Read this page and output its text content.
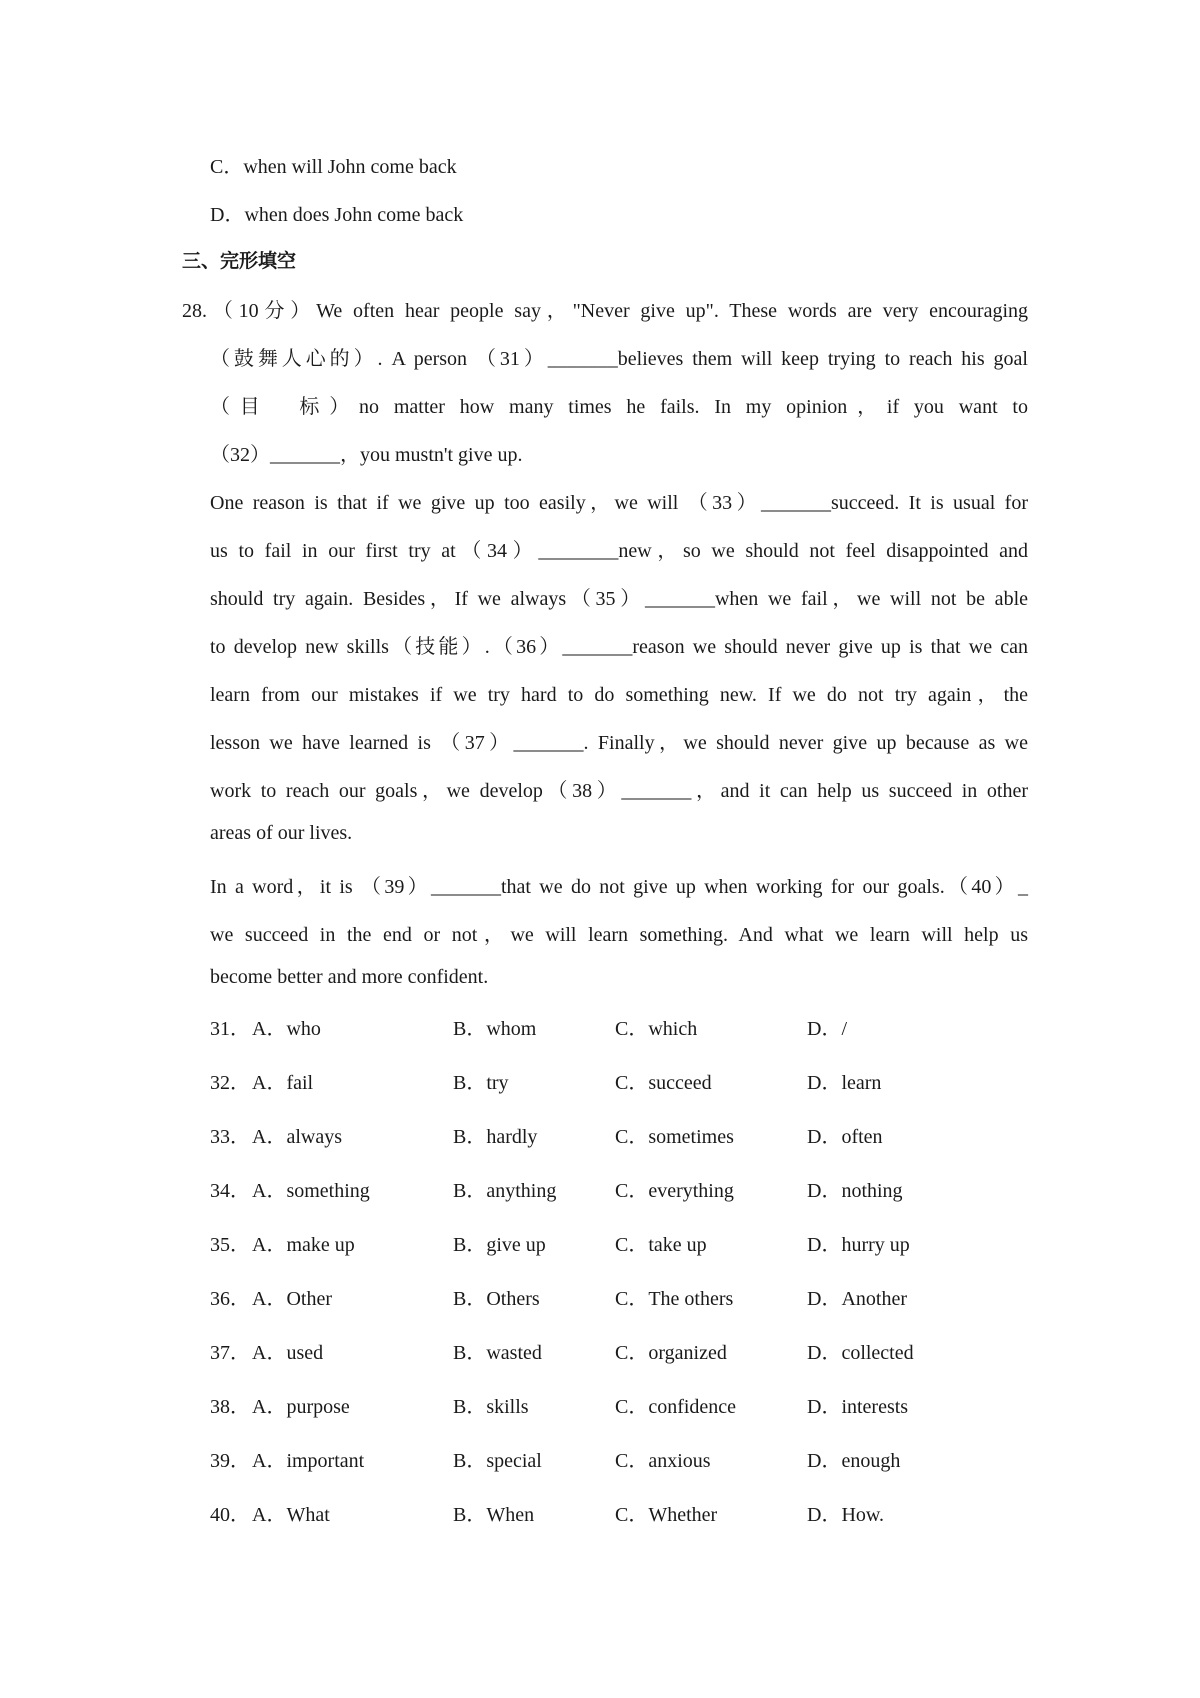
C．when will John come back
D．when does John come back
三、完形填空
28.（10分）We often hear people say，"Never give up". These words are very encouraging
（鼓舞人心的）. A person （31）_______believes them will keep trying to reach his goal
（目　标）no matter how many times he fails. In my opinion，if you want to
（32）_______，you mustn't give up.
One reason is that if we give up too easily，we will （33）_______succeed. It is usual for
us to fail in our first try at（34）________new，so we should not feel disappointed and
should try again. Besides，If we always（35）_______when we fail，we will not be able
to develop new skills（技能）.（36）_______reason we should never give up is that we can
learn from our mistakes if we try hard to do something new. If we do not try again，the
lesson we have learned is （37）_______. Finally，we should never give up because as we
work to reach our goals，we develop（38）_______，and it can help us succeed in other
areas of our lives.
In a word，it is （39）_______that we do not give up when working for our goals.（40）_
we succeed in the end or not，we will learn something. And what we learn will help us
become better and more confident.
31． A．who	B．whom	C．which	D．/
32． A．fail	B．try	C．succeed	D．learn
33． A．always	B．hardly	C．sometimes	D．often
34． A．something	B．anything	C．everything	D．nothing
35． A．make up	B．give up	C．take up	D．hurry up
36． A．Other	B．Others	C．The others	D．Another
37． A．used	B．wasted	C．organized	D．collected
38． A．purpose	B．skills	C．confidence	D．interests
39． A．important	B．special	C．anxious	D．enough
40． A．What	B．When	C．Whether	D．How.
